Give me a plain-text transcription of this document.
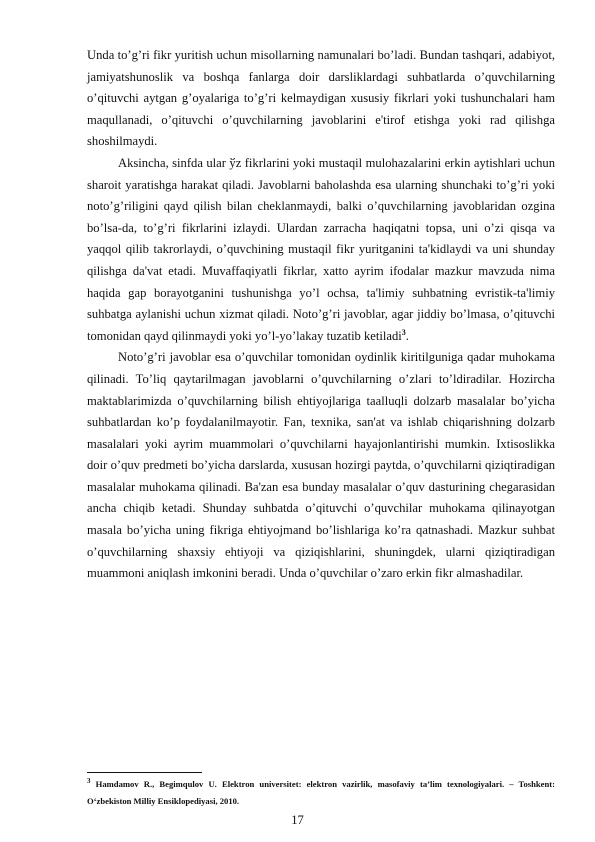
Unda to’g’ri fikr yuritish uchun misollarning namunalari bo’ladi. Bundan tashqari, adabiyot, jamiyatshunoslik va boshqa fanlarga doir darsliklardagi suhbatlarda o’quvchilarning o’qituvchi aytgan g’oyalariga to’g’ri kelmaydigan xususiy fikrlari yoki tushunchalari ham maqullanadi, o’qituvchi o’quvchilarning javoblarini e'tirof etishga yoki rad qilishga shoshilmaydi.

Aksincha, sinfda ular ўz fikrlarini yoki mustaqil mulohazalarini erkin aytishlari uchun sharoit yaratishga harakat qiladi. Javoblarni baholashda esa ularning shunchaki to’g’ri yoki noto’g’riligini qayd qilish bilan cheklanmaydi, balki o’quvchilarning javoblaridan ozgina bo’lsa-da, to’g’ri fikrlarini izlaydi. Ulardan zarracha haqiqatni topsa, uni o’zi qisqa va yaqqol qilib takrorlaydi, o’quvchining mustaqil fikr yuritganini ta'kidlaydi va uni shunday qilishga da'vat etadi. Muvaffaqiyatli fikrlar, xatto ayrim ifodalar mazkur mavzuda nima haqida gap borayotganini tushunishga yo’l ochsa, ta'limiy suhbatning evristik-ta'limiy suhbatga aylanishi uchun xizmat qiladi. Noto’g’ri javoblar, agar jiddiy bo’lmasa, o’qituvchi tomonidan qayd qilinmaydi yoki yo’l-yo’lakay tuzatib ketiladi$^3$.

Noto’g’ri javoblar esa o’quvchilar tomonidan oydinlik kiritilguniga qadar muhokama qilinadi. To’liq qaytarilmagan javoblarni o’quvchilarning o’zlari to’ldiradilar. Hozircha maktablarimizda o’quvchilarning bilish ehtiyojlariga taalluqli dolzarb masalalar bo’yicha suhbatlardan ko’p foydalanilmayotir. Fan, texnika, san'at va ishlab chiqarishning dolzarb masalalari yoki ayrim muammolari o’quvchilarni hayajonlantirishi mumkin. Ixtisoslikka doir o’quv predmeti bo’yicha darslarda, xususan hozirgi paytda, o’quvchilarni qiziqtiradigan masalalar muhokama qilinadi. Ba'zan esa bunday masalalar o’quv dasturining chegarasidan ancha chiqib ketadi. Shunday suhbatda o’qituvchi o’quvchilar muhokama qilinayotgan masala bo’yicha uning fikriga ehtiyojmand bo’lishlariga ko’ra qatnashadi. Mazkur suhbat o’quvchilarning shaxsiy ehtiyoji va qiziqishlarini, shuningdek, ularni qiziqtiradigan muammoni aniqlash imkonini beradi. Unda o’quvchilar o’zaro erkin fikr almashadilar.

$^3$ Hamdamov R., Begimqulov U. Elektron universitet: elektron vazirlik, masofaviy ta’lim texnologiyalari. – Toshkent: O‘zbekiston Milliy Ensiklopediyasi, 2010.

17
